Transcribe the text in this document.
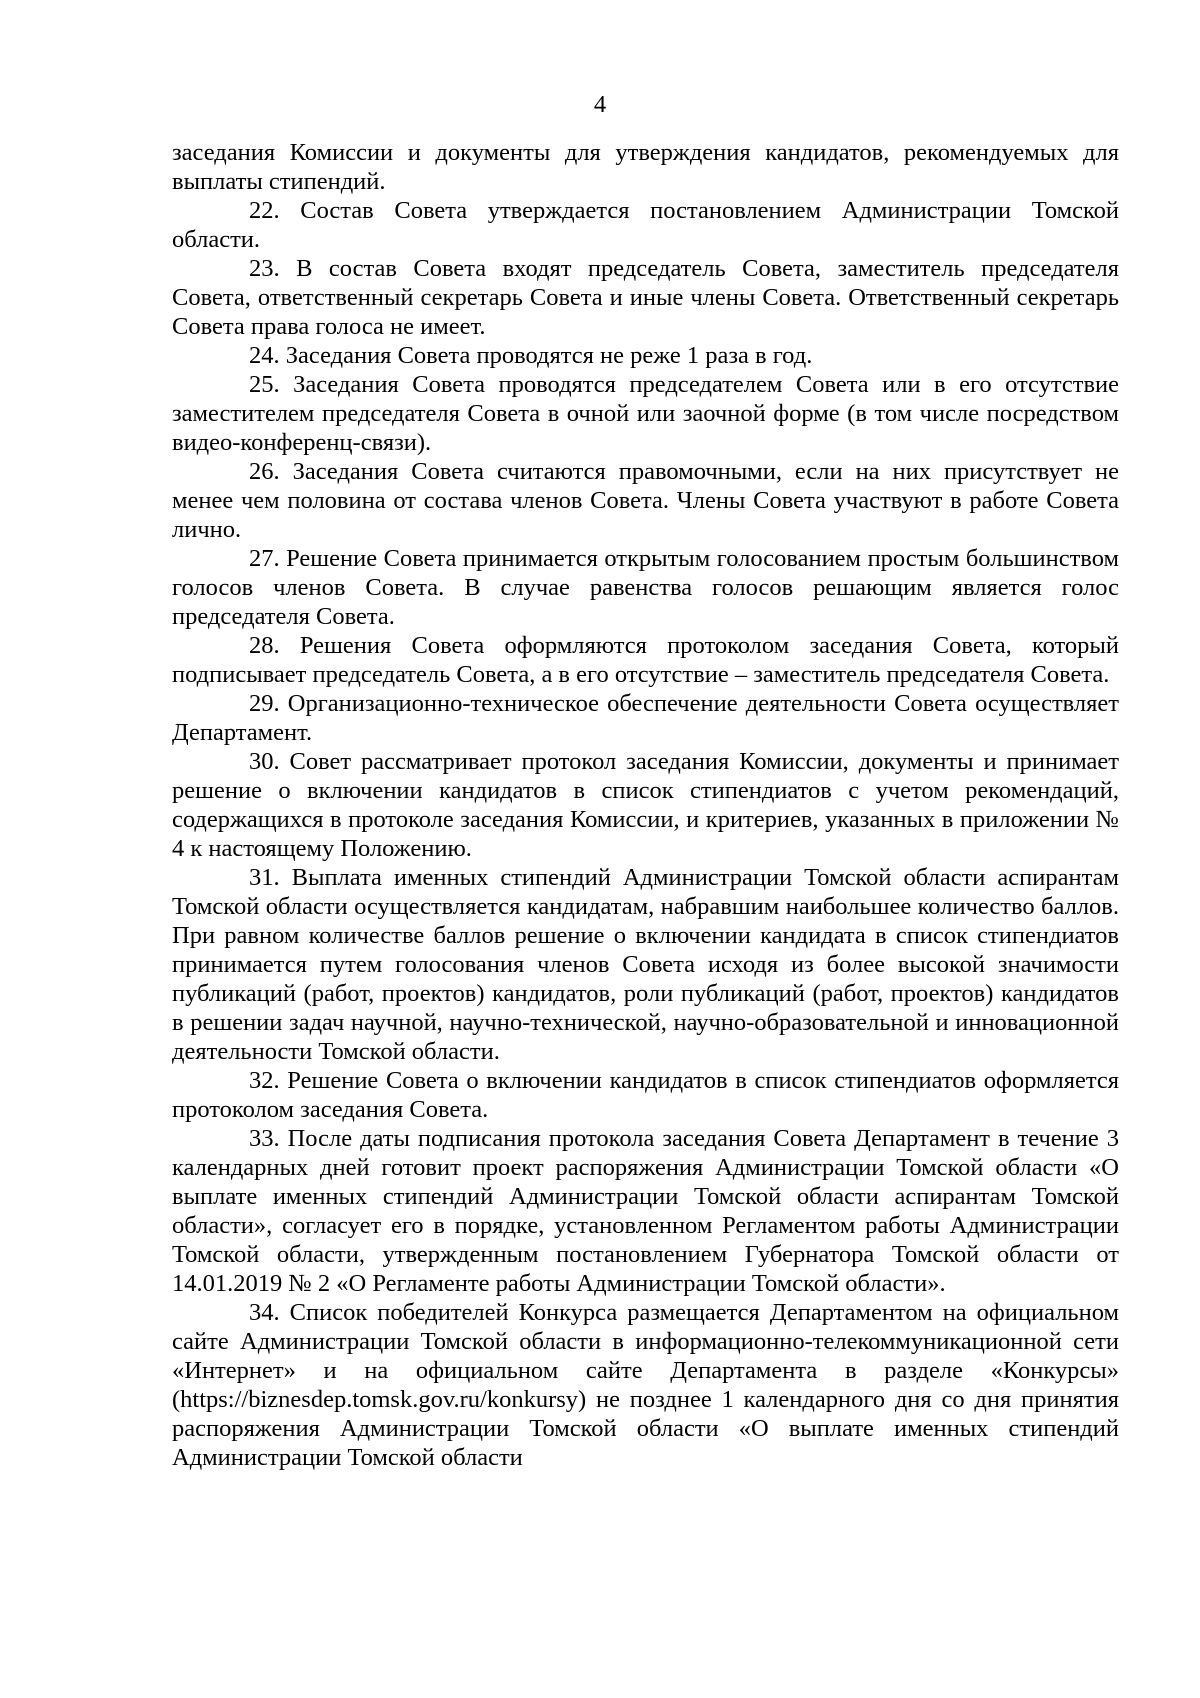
4

заседания Комиссии и документы для утверждения кандидатов, рекомендуемых для выплаты стипендий.

22. Состав Совета утверждается постановлением Администрации Томской области.

23. В состав Совета входят председатель Совета, заместитель председателя Совета, ответственный секретарь Совета и иные члены Совета. Ответственный секретарь Совета права голоса не имеет.

24. Заседания Совета проводятся не реже 1 раза в год.

25. Заседания Совета проводятся председателем Совета или в его отсутствие заместителем председателя Совета в очной или заочной форме (в том числе посредством видео-конференц-связи).

26. Заседания Совета считаются правомочными, если на них присутствует не менее чем половина от состава членов Совета. Члены Совета участвуют в работе Совета лично.

27. Решение Совета принимается открытым голосованием простым большинством голосов членов Совета. В случае равенства голосов решающим является голос председателя Совета.

28. Решения Совета оформляются протоколом заседания Совета, который подписывает председатель Совета, а в его отсутствие – заместитель председателя Совета.

29. Организационно-техническое обеспечение деятельности Совета осуществляет Департамент.

30. Совет рассматривает протокол заседания Комиссии, документы и принимает решение о включении кандидатов в список стипендиатов с учетом рекомендаций, содержащихся в протоколе заседания Комиссии, и критериев, указанных в приложении № 4 к настоящему Положению.

31. Выплата именных стипендий Администрации Томской области аспирантам Томской области осуществляется кандидатам, набравшим наибольшее количество баллов. При равном количестве баллов решение о включении кандидата в список стипендиатов принимается путем голосования членов Совета исходя из более высокой значимости публикаций (работ, проектов) кандидатов, роли публикаций (работ, проектов) кандидатов в решении задач научной, научно-технической, научно-образовательной и инновационной деятельности Томской области.

32. Решение Совета о включении кандидатов в список стипендиатов оформляется протоколом заседания Совета.

33. После даты подписания протокола заседания Совета Департамент в течение 3 календарных дней готовит проект распоряжения Администрации Томской области «О выплате именных стипендий Администрации Томской области аспирантам Томской области», согласует его в порядке, установленном Регламентом работы Администрации Томской области, утвержденным постановлением Губернатора Томской области от 14.01.2019 № 2 «О Регламенте работы Администрации Томской области».

34. Список победителей Конкурса размещается Департаментом на официальном сайте Администрации Томской области в информационно-телекоммуникационной сети «Интернет» и на официальном сайте Департамента в разделе «Конкурсы» (https://biznesdep.tomsk.gov.ru/konkursy) не позднее 1 календарного дня со дня принятия распоряжения Администрации Томской области «О выплате именных стипендий Администрации Томской области
